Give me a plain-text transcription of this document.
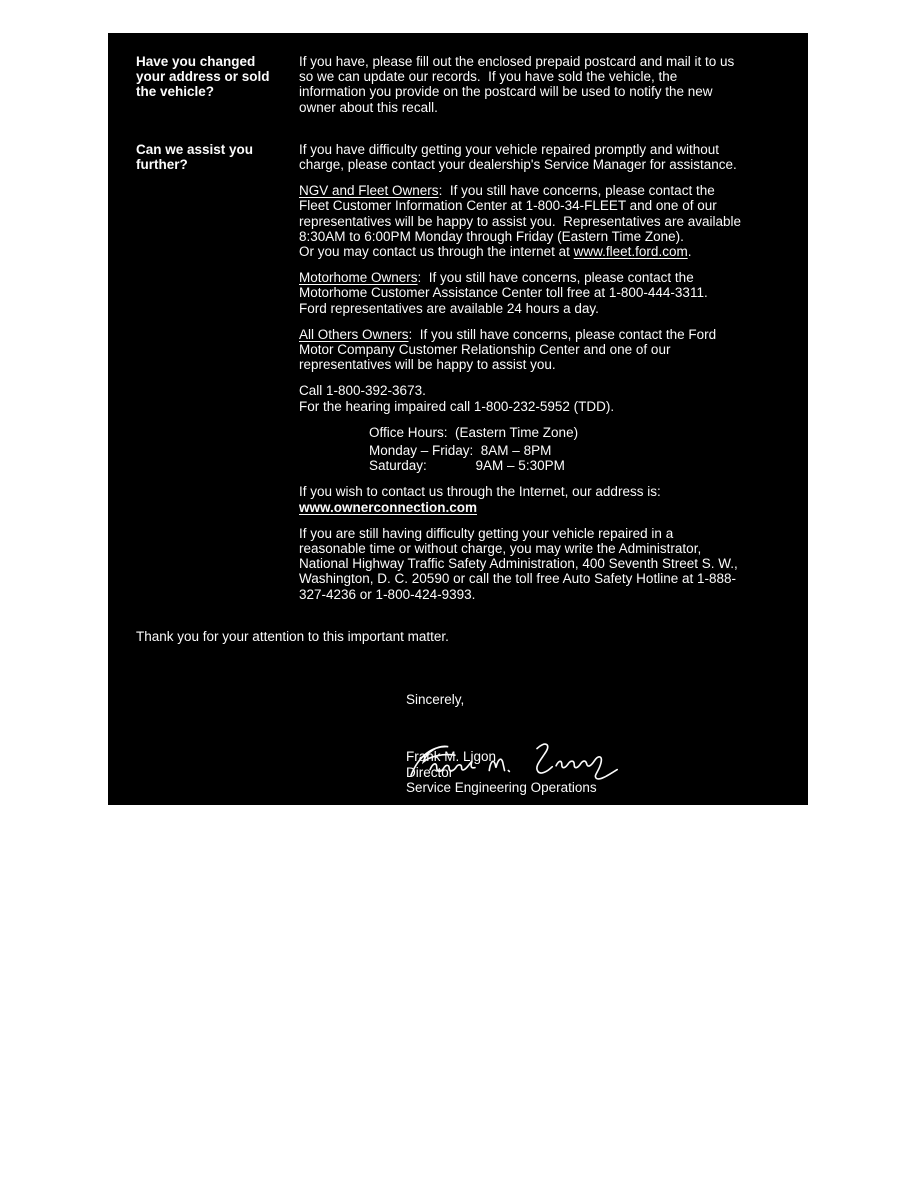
Have you changed
your address or sold
the vehicle?
If you have, please fill out the enclosed prepaid postcard and mail it to us
so we can update our records.  If you have sold the vehicle, the
information you provide on the postcard will be used to notify the new
owner about this recall.
Can we assist you
further?
If you have difficulty getting your vehicle repaired promptly and without
charge, please contact your dealership's Service Manager for assistance.
NGV and Fleet Owners:  If you still have concerns, please contact the
Fleet Customer Information Center at 1-800-34-FLEET and one of our
representatives will be happy to assist you.  Representatives are available
8:30AM to 6:00PM Monday through Friday (Eastern Time Zone).
Or you may contact us through the internet at www.fleet.ford.com.
Motorhome Owners:  If you still have concerns, please contact the
Motorhome Customer Assistance Center toll free at 1-800-444-3311.
Ford representatives are available 24 hours a day.
All Others Owners:  If you still have concerns, please contact the Ford
Motor Company Customer Relationship Center and one of our
representatives will be happy to assist you.
Call 1-800-392-3673.
For the hearing impaired call 1-800-232-5952 (TDD).
Office Hours:  (Eastern Time Zone)
Monday – Friday:  8AM – 8PM
Saturday:             9AM – 5:30PM
If you wish to contact us through the Internet, our address is:
www.ownerconnection.com
If you are still having difficulty getting your vehicle repaired in a
reasonable time or without charge, you may write the Administrator,
National Highway Traffic Safety Administration, 400 Seventh Street S. W.,
Washington, D. C. 20590 or call the toll free Auto Safety Hotline at 1-888-
327-4236 or 1-800-424-9393.
Thank you for your attention to this important matter.
Sincerely,

Frank M. Ligon
Director
Service Engineering Operations
